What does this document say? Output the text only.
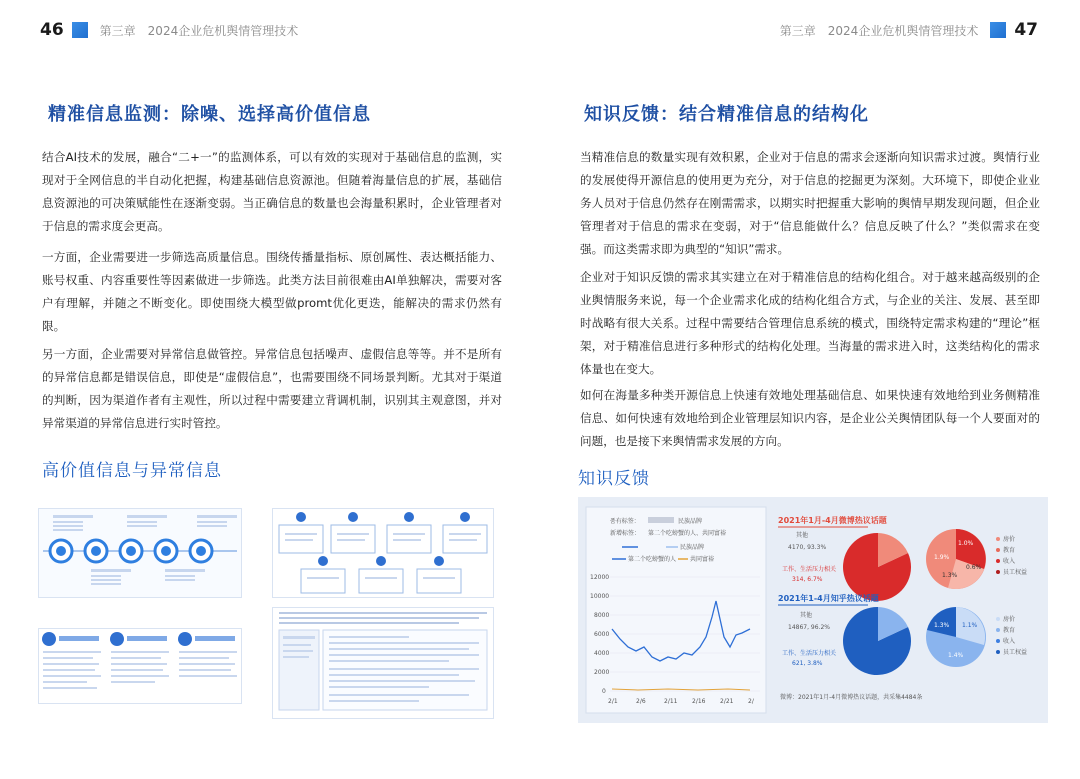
46	第三章　2024企业危机舆情管理技术
精准信息监测：除噪、选择高价值信息

结合AI技术的发展，融合“二+一”的监测体系，可以有效的实现对于基础信息的监测，实现对于全网信息的半自动化把握，构建基础信息资源池。但随着海量信息的扩展，基础信息资源池的可决策赋能性在逐渐变弱。当正确信息的数量也会海量积累时，企业管理者对于信息的需求度会更高。

一方面，企业需要进一步筛选高质量信息。围绕传播量指标、原创属性、表达概括能力、账号权重、内容重要性等因素做进一步筛选。此类方法目前很难由AI单独解决，需要对客户有理解，并随之不断变化。即使围绕大模型做promt优化更迭，能解决的需求仍然有限。

另一方面，企业需要对异常信息做管控。异常信息包括噪声、虚假信息等等。并不是所有的异常信息都是错误信息，即使是“虚假信息”，也需要围绕不同场景判断。尤其对于渠道的判断，因为渠道作者有主观性，所以过程中需要建立背调机制，识别其主观意图，并对异常渠道的异常信息进行实时管控。

高价值信息与异常信息
第三章　2024企业危机舆情管理技术 47
知识反馈：结合精准信息的结构化

当精准信息的数量实现有效积累，企业对于信息的需求会逐渐向知识需求过渡。舆情行业的发展使得开源信息的使用更为充分，对于信息的挖掘更为深刻。大环境下，即使企业业务人员对于信息仍然存在刚需需求，以期实时把握重大影响的舆情早期发现问题，但企业管理者对于信息的需求在变弱，对于“信息能做什么？信息反映了什么？”类似需求在变强。而这类需求即为典型的“知识”需求。

企业对于知识反馈的需求其实建立在对于精准信息的结构化组合。对于越来越高级别的企业舆情服务来说，每一个企业需求化成的结构化组合方式，与企业的关注、发展、甚至即时战略有很大关系。过程中需要结合管理信息系统的模式，围绕特定需求构建的“理论”框架，对于精准信息进行多种形式的结构化处理。当海量的需求进入时，这类结构化的需求体量也在变大。

如何在海量多种类开源信息上快速有效地处理基础信息、如果快速有效地给到业务侧精准信息、如何快速有效地给到企业管理层知识内容，是企业公关舆情团队每一个人要面对的问题，也是接下来舆情需求发展的方向。

知识反馈
품有标签：	民族品牌
新增标签： 第二个吃螃蟹的人、共同富裕
民族品牌
第二个吃螃蟹的人 共同富裕
12000
10000
8000
6000
4000
2000
0
2/1	2/6	2/11 2/16 2/21 2/
2021年1月-4月微博热议话题
其他
4170, 93.3%
工作、生活压力相关
314, 6.7%
1.0%
1.9%
0.6%
1.3%
房价
教育
收入
员工权益
2021年1-4月知乎热议话题
其他
14867, 96.2%
工作、生活压力相关
621, 3.8%
1.3% 1.1%
1.4%
房价
教育
收入
员工权益
微博：2021年1月-4月微博热议话题，共采集4484条
